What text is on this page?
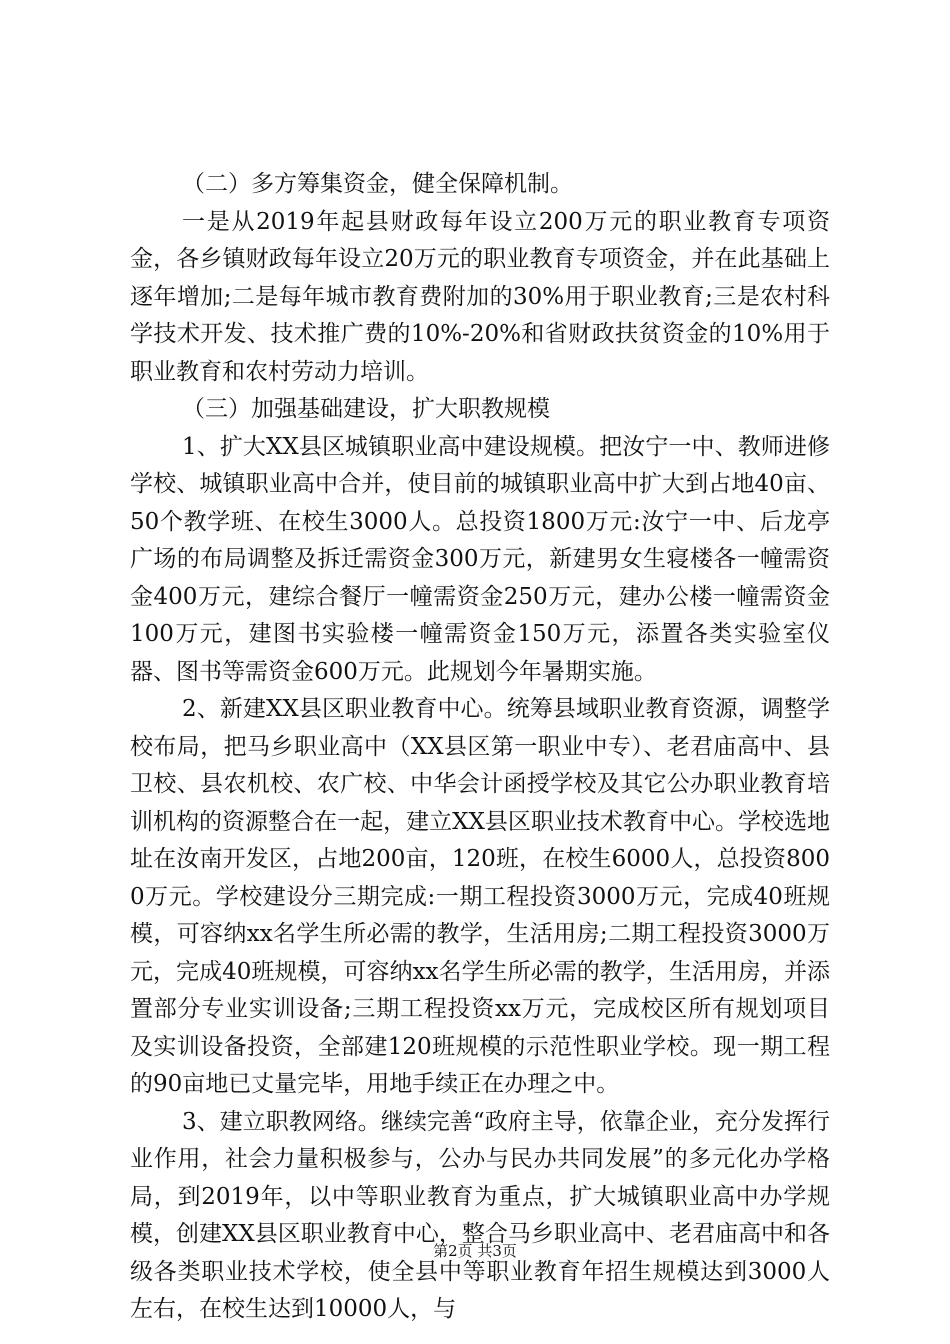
（二）多方筹集资金，健全保障机制。

一是从2019年起县财政每年设立200万元的职业教育专项资金，各乡镇财政每年设立20万元的职业教育专项资金，并在此基础上逐年增加;二是每年城市教育费附加的30%用于职业教育;三是农村科学技术开发、技术推广费的10%-20%和省财政扶贫资金的10%用于职业教育和农村劳动力培训。

（三）加强基础建设，扩大职教规模

1、扩大XX县区城镇职业高中建设规模。把汝宁一中、教师进修学校、城镇职业高中合并，使目前的城镇职业高中扩大到占地40亩、50个教学班、在校生3000人。总投资1800万元:汝宁一中、后龙亭广场的布局调整及拆迁需资金300万元，新建男女生寝楼各一幢需资金400万元，建综合餐厅一幢需资金250万元，建办公楼一幢需资金100万元，建图书实验楼一幢需资金150万元，添置各类实验室仪器、图书等需资金600万元。此规划今年暑期实施。

2、新建XX县区职业教育中心。统筹县域职业教育资源，调整学校布局，把马乡职业高中（XX县区第一职业中专）、老君庙高中、县卫校、县农机校、农广校、中华会计函授学校及其它公办职业教育培训机构的资源整合在一起，建立XX县区职业技术教育中心。学校选地址在汝南开发区，占地200亩，120班，在校生6000人，总投资8000万元。学校建设分三期完成:一期工程投资3000万元，完成40班规模，可容纳xx名学生所必需的教学，生活用房;二期工程投资3000万元，完成40班规模，可容纳xx名学生所必需的教学，生活用房，并添置部分专业实训设备;三期工程投资xx万元，完成校区所有规划项目及实训设备投资，全部建120班规模的示范性职业学校。现一期工程的90亩地已丈量完毕，用地手续正在办理之中。

3、建立职教网络。继续完善“政府主导，依靠企业，充分发挥行业作用，社会力量积极参与，公办与民办共同发展”的多元化办学格局，到2019年，以中等职业教育为重点，扩大城镇职业高中办学规模，创建XX县区职业教育中心，整合马乡职业高中、老君庙高中和各级各类职业技术学校，使全县中等职业教育年招生规模达到3000人左右，在校生达到10000人，与

第2页 共3页
